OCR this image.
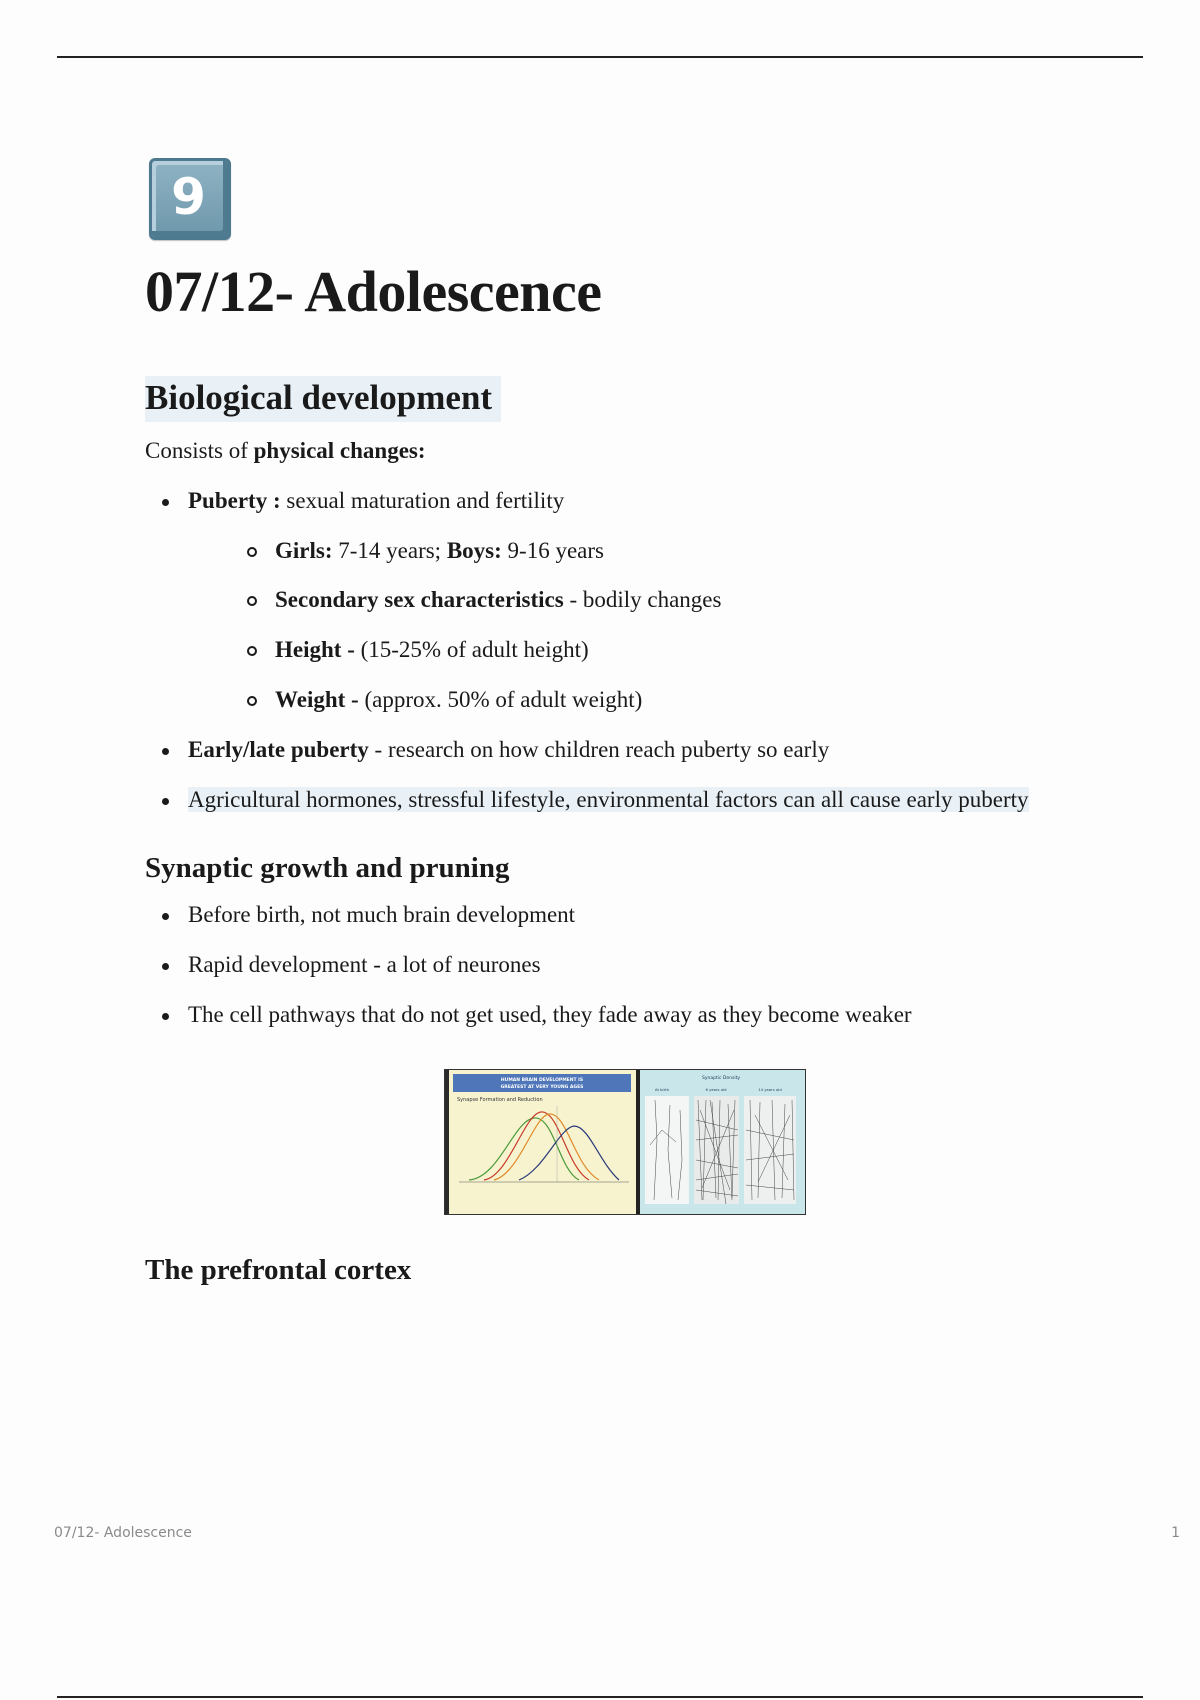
9
07/12- Adolescence
Biological development

Consists of physical changes:

Puberty : sexual maturation and fertility
Girls: 7-14 years; Boys: 9-16 years
Secondary sex characteristics - bodily changes
Height - (15-25% of adult height)
Weight - (approx. 50% of adult weight)
Early/late puberty - research on how children reach puberty so early
Agricultural hormones, stressful lifestyle, environmental factors can all cause early puberty
Synaptic growth and pruning
Before birth, not much brain development
Rapid development - a lot of neurones
The cell pathways that do not get used, they fade away as they become weaker
HUMAN BRAIN DEVELOPMENT IS
GREATEST AT VERY YOUNG AGES
Synapse Formation and Reduction

Synaptic Density
At birth	6 years old	14 years old
The prefrontal cortex
07/12- Adolescence	1
